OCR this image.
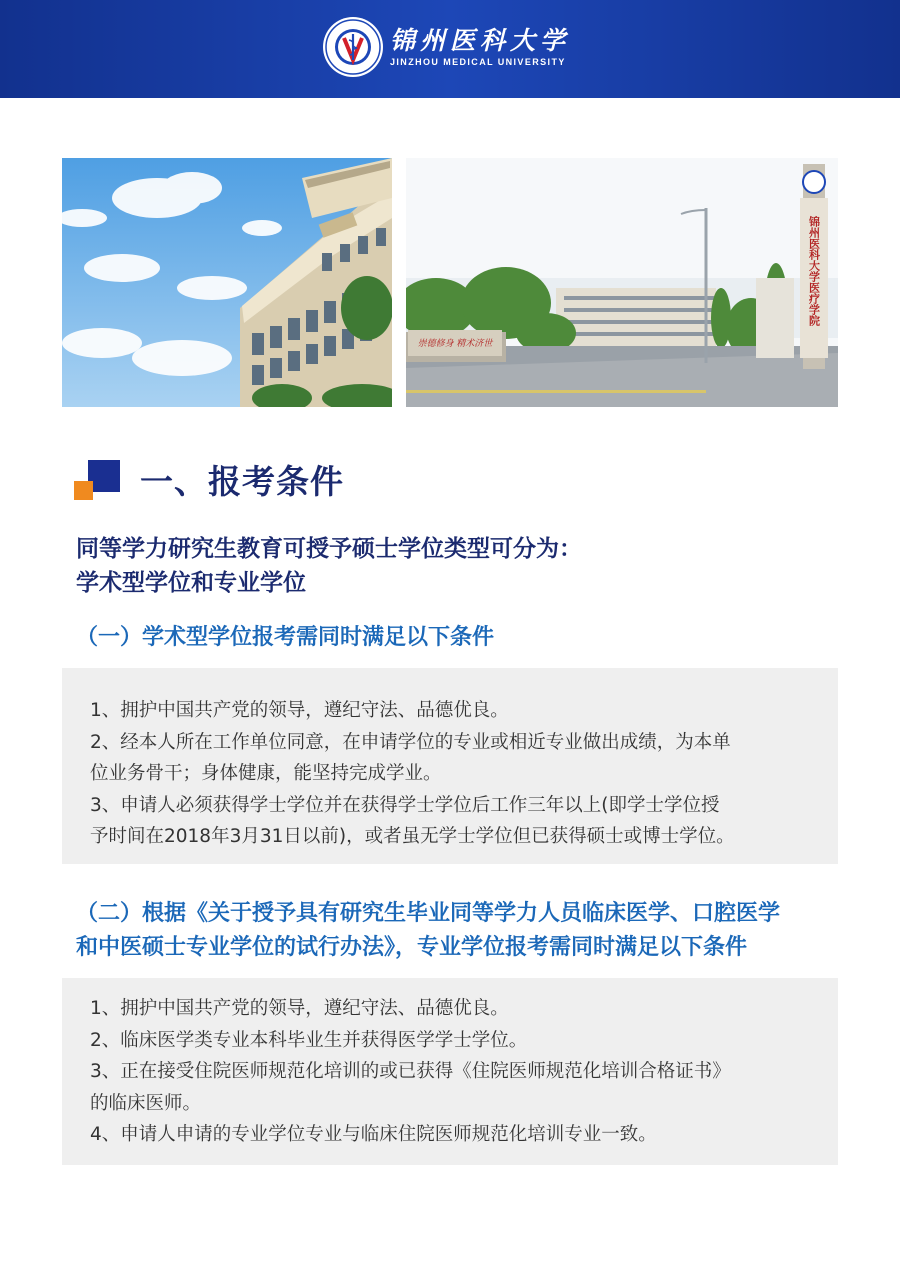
锦州医科大学
JINZHOU MEDICAL UNIVERSITY
崇德修身 精术济世
锦州医科大学医疗学院
一、报考条件
同等学力研究生教育可授予硕士学位类型可分为：
学术型学位和专业学位
（一）学术型学位报考需同时满足以下条件
1、拥护中国共产党的领导，遵纪守法、品德优良。
2、经本人所在工作单位同意，在申请学位的专业或相近专业做出成绩，为本单
位业务骨干；身体健康，能坚持完成学业。
3、申请人必须获得学士学位并在获得学士学位后工作三年以上(即学士学位授
予时间在2018年3月31日以前)，或者虽无学士学位但已获得硕士或博士学位。
（二）根据《关于授予具有研究生毕业同等学力人员临床医学、口腔医学
和中医硕士专业学位的试行办法》，专业学位报考需同时满足以下条件
1、拥护中国共产党的领导，遵纪守法、品德优良。
2、临床医学类专业本科毕业生并获得医学学士学位。
3、正在接受住院医师规范化培训的或已获得《住院医师规范化培训合格证书》
的临床医师。
4、申请人申请的专业学位专业与临床住院医师规范化培训专业一致。
